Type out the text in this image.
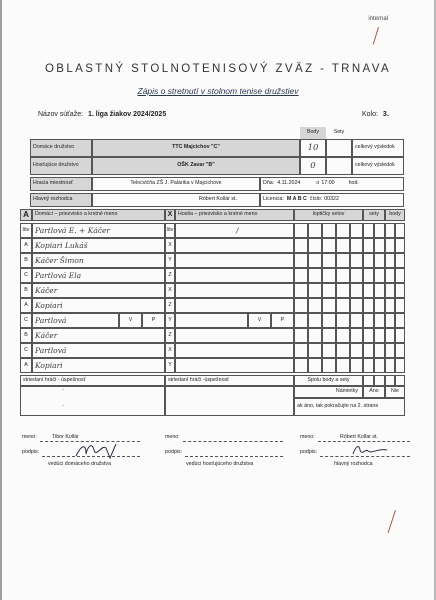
internal
OBLASTNÝ STOLNOTENISOVÝ ZVÄZ - TRNAVA
Zápis o stretnutí v stolnom tenise družstiev
Názov súťaže: 1. liga žiakov 2024/2025	Kolo: 3.
Body	Sety
Domáce družstvo	TTC Majcichov "C"	10	celkový výsledok
Hosťujúce družstvo	OŠK Zavar "B"	0	celkový výsledok
Hracia miestnosť	Telocvičňa ZŠ J. Palárika v Majcichove	Dňa: 4.11.2024	o 17:00	hod.
Hlavný rozhodca	Róbert Kollár st.	Licencia: M A B C číslo: 00322
A	Domáci – priezvisko a krstné meno	X	Hostia – priezvisko a krstné meno	loptičky setov	sety	body
štv Partlová E. + Káčer	štv	/
A Kopiari Lukáš	X
B Káčer Šimon	Y
C Partlová Ela	Z
B Káčer	X
A Kopiari	Z
C Partlová	V	P	Y	V	P
B Káčer	Z
C Partlová	X
A Kopiari	Y
striedaní hráči - úspešnosť	striedaní hráči -úspešnosť	Spolu body a sety
–
–
Námietky	Áno	Nie
ak áno, tak pokračujte na 2. strane
meno:	Tibor Kollár	meno:	meno:	Róbert Kollár st.
podpis:	podpis:	podpis:
vedúci domáceho družstva	vedúci hosťujúceho družstva	hlavný rozhodca
